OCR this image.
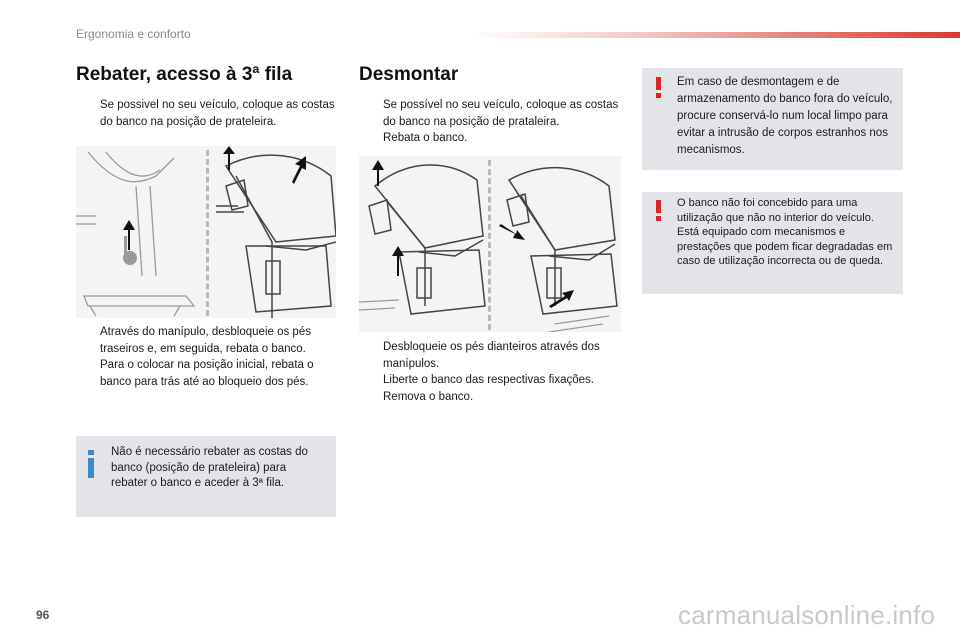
Ergonomia e conforto
Rebater, acesso à 3ª fila
Se possivel no seu veículo, coloque as costas do banco na posição de prateleira.
Através do manípulo, desbloqueie os pés traseiros e, em seguida, rebata o banco.
Para o colocar na posição inicial, rebata o banco para trás até ao bloqueio dos pés.
Não é necessário rebater as costas do banco (posição de prateleira) para rebater o banco e aceder à 3ª fila.
Desmontar
Se possível no seu veículo, coloque as costas do banco na posição de prataleira.
Rebata o banco.
Desbloqueie os pés dianteiros através dos manípulos.
Liberte o banco das respectivas fixações.
Remova o banco.
Em caso de desmontagem e de armazenamento do banco fora do veículo, procure conservá-lo num local limpo para evitar a intrusão de corpos estranhos nos mecanismos.
O banco não foi concebido para uma utilização que não no interior do veículo. Está equipado com mecanismos e prestações que podem ficar degradadas em caso de utilização incorrecta ou de queda.
96	carmanualsonline.info
